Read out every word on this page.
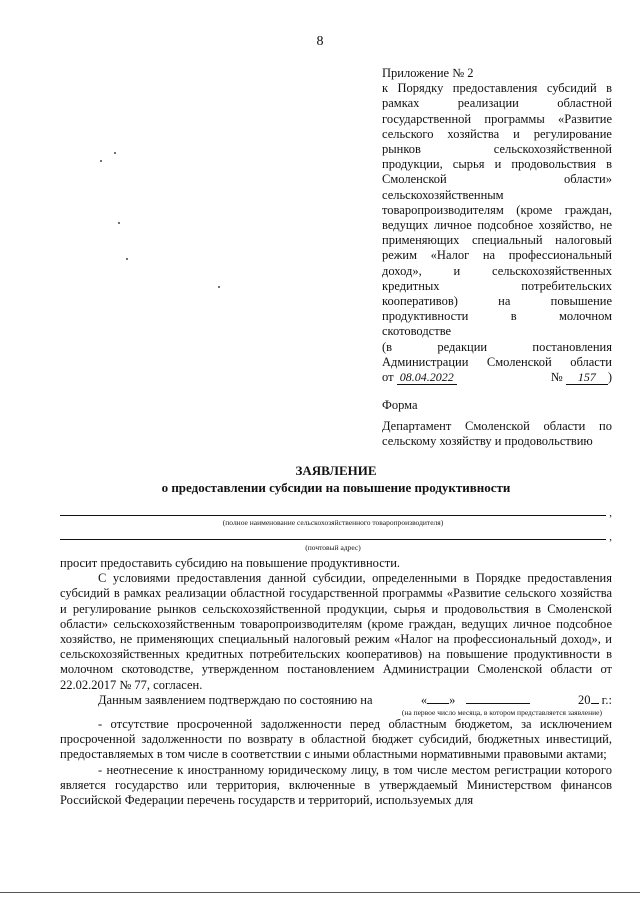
8
Приложение № 2
к Порядку предоставления субсидий в
рамках реализации областной
государственной программы «Развитие
сельского хозяйства и регулирование
рынков сельскохозяйственной
продукции, сырья и продовольствия в
Смоленской области»
сельскохозяйственным
товаропроизводителям (кроме граждан,
ведущих личное подсобное хозяйство, не
применяющих специальный налоговый
режим «Налог на профессиональный
доход», и сельскохозяйственных
кредитных потребительских
кооперативов) на повышение
продуктивности в молочном
скотоводстве
(в редакции постановления
Администрации Смоленской области
от 08.04.2022	№ 157 )
Форма
Департамент Смоленской области по сельскому хозяйству и продовольствию
ЗАЯВЛЕНИЕ
о предоставлении субсидии на повышение продуктивности
,
(полное наименование сельскохозяйственного товаропроизводителя)
,
(почтовый адрес)

просит предоставить субсидию на повышение продуктивности.

С условиями предоставления данной субсидии, определенными в Порядке предоставления субсидий в рамках реализации областной государственной программы «Развитие сельского хозяйства и регулирование рынков сельскохозяйственной продукции, сырья и продовольствия в Смоленской области» сельскохозяйственным товаропроизводителям (кроме граждан, ведущих личное подсобное хозяйство, не применяющих специальный налоговый режим «Налог на профессиональный доход», и сельскохозяйственных кредитных потребительских кооперативов) на повышение продуктивности в молочном скотоводстве, утвержденном постановлением Администрации Смоленской области от 22.02.2017 № 77, согласен.

Данным заявлением подтверждаю по состоянию на	« »	20 г.:
(на первое число месяца, в котором представляется заявление)

- отсутствие просроченной задолженности перед областным бюджетом, за исключением просроченной задолженности по возврату в областной бюджет субсидий, бюджетных инвестиций, предоставляемых в том числе в соответствии с иными областными нормативными правовыми актами;

- неотнесение к иностранному юридическому лицу, в том числе местом регистрации которого является государство или территория, включенные в утверждаемый Министерством финансов Российской Федерации перечень государств и территорий, используемых для
